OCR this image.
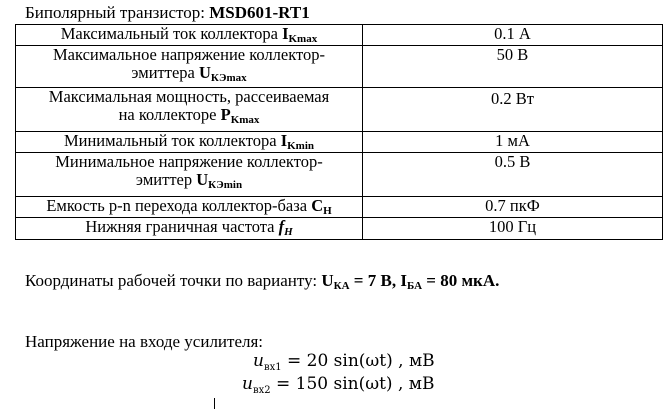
Биполярный транзистор: MSD601-RT1
Максимальный ток коллектора IKmax	0.1 А
Максимальное напряжение коллектор-
эмиттера UКЭmax	50 В
Максимальная мощность, рассеиваемая
на коллекторе PKmax	0.2 Вт
Минимальный ток коллектора IKmin	1 мА
Минимальное напряжение коллектор-
эмиттер UКЭmin	0.5 В
Емкость p-n перехода коллектор-база CH	0.7 пкФ
Нижняя граничная частота fH	100 Гц
Координаты рабочей точки по варианту: UКА = 7 В, IБА = 80 мкА.
Напряжение на входе усилителя:
$u_{вх1} = 20$ sin(ωt) , мВ
$u_{вх2} = 150$ sin(ωt) , мВ
